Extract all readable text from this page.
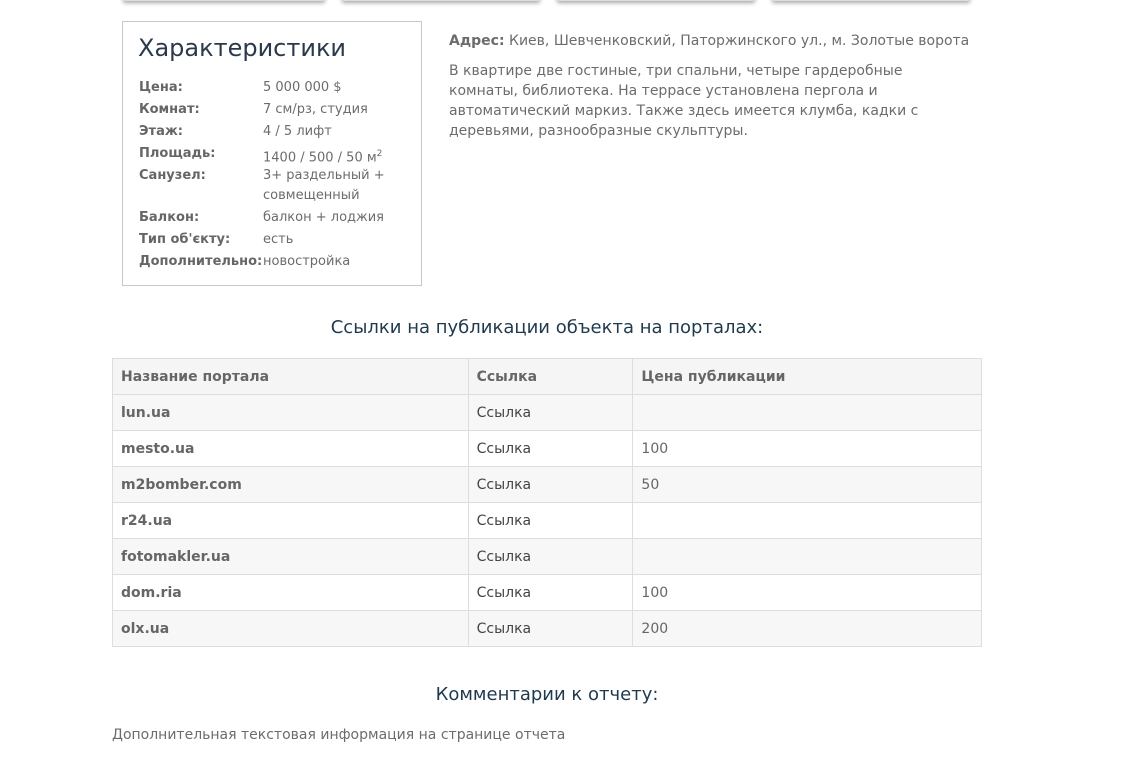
Характеристики
Цена:	5 000 000 $
Комнат:	7 см/рз, студия
Этаж:	4 / 5 лифт
Площадь:	1400 / 500 / 50 $м^2$
Санузел:	3+ раздельный + совмещенный
Балкон:	балкон + лоджия
Тип об'єкту:	есть
Дополнительно: новостройка
Адрес: Киев, Шевченковский, Паторжинского ул., м. Золотые ворота
В квартире две гостиные, три спальни, четыре гардеробные комнаты, библиотека. На террасе установлена пергола и автоматический маркиз. Также здесь имеется клумба, кадки с деревьями, разнообразные скульптуры.
Ссылки на публикации объекта на порталах:
Название портала	Ссылка	Цена публикации
lun.ua	Ссылка	
mesto.ua	Ссылка	100
m2bomber.com	Ссылка	50
r24.ua	Ссылка	
fotomakler.ua	Ссылка	
dom.ria	Ссылка	100
olx.ua	Ссылка	200
Комментарии к отчету:
Дополнительная текстовая информация на странице отчета
